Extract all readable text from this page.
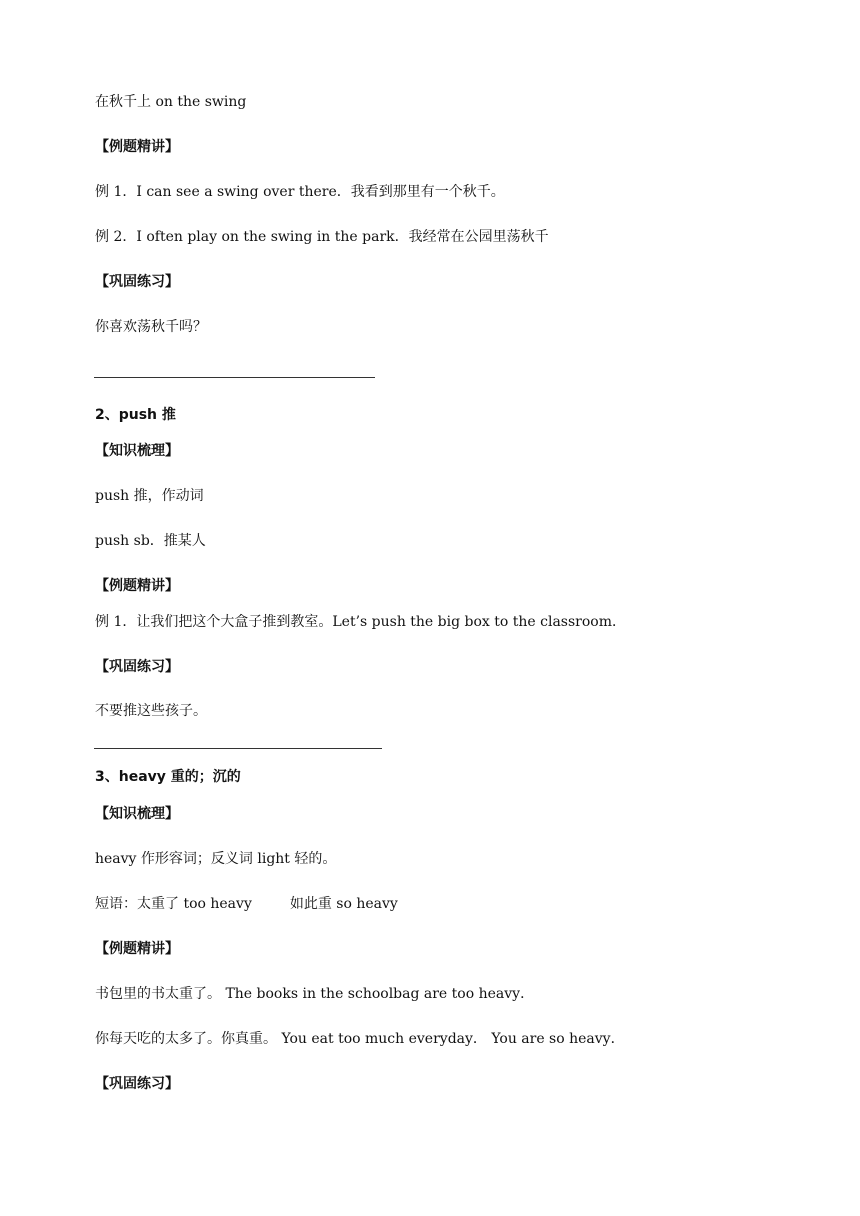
在秋千上 on the swing
【例题精讲】
例 1．I can see a swing over there．我看到那里有一个秋千。
例 2．I often play on the swing in the park．我经常在公园里荡秋千
【巩固练习】
你喜欢荡秋千吗？
2、push 推
【知识梳理】
push 推，作动词
push sb．推某人
【例题精讲】
例 1．让我们把这个大盒子推到教室。Let’s push the big box to the classroom．
【巩固练习】
不要推这些孩子。
3、heavy 重的；沉的
【知识梳理】
heavy 作形容词；反义词 light 轻的。
短语：太重了 too heavy	如此重 so heavy
【例题精讲】
书包里的书太重了。 The books in the schoolbag are too heavy．
你每天吃的太多了。你真重。 You eat too much everyday． You are so heavy．
【巩固练习】
